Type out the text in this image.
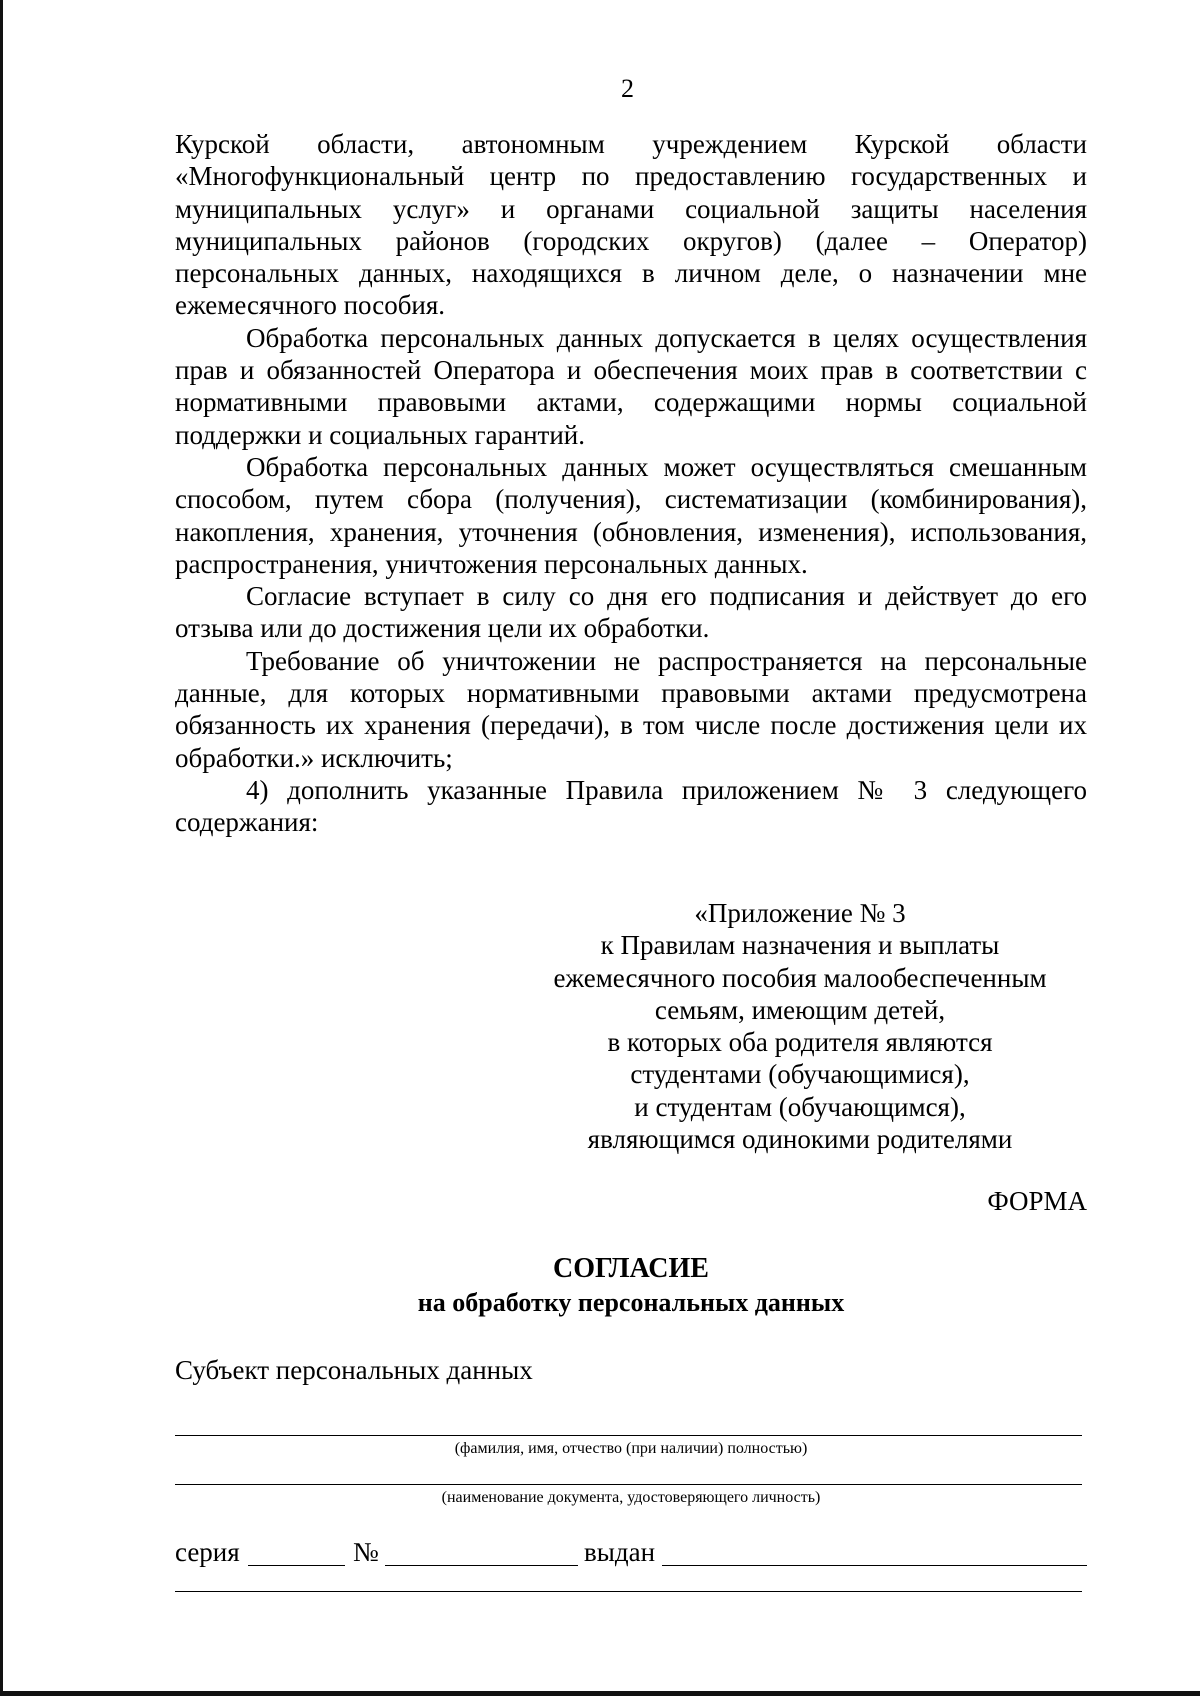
2

Курской области, автономным учреждением Курской области «Многофункциональный центр по предоставлению государственных и муниципальных услуг» и органами социальной защиты населения муниципальных районов (городских округов) (далее – Оператор) персональных данных, находящихся в личном деле, о назначении мне ежемесячного пособия.

Обработка персональных данных допускается в целях осуществления прав и обязанностей Оператора и обеспечения моих прав в соответствии с нормативными правовыми актами, содержащими нормы социальной поддержки и социальных гарантий.

Обработка персональных данных может осуществляться смешанным способом, путем сбора (получения), систематизации (комбинирования), накопления, хранения, уточнения (обновления, изменения), использования, распространения, уничтожения персональных данных.

Согласие вступает в силу со дня его подписания и действует до его отзыва или до достижения цели их обработки.

Требование об уничтожении не распространяется на персональные данные, для которых нормативными правовыми актами предусмотрена обязанность их хранения (передачи), в том числе после достижения цели их обработки.» исключить;

4) дополнить указанные Правила приложением № 3 следующего содержания:

«Приложение № 3
к Правилам назначения и выплаты
ежемесячного пособия малообеспеченным
семьям, имеющим детей,
в которых оба родителя являются
студентами (обучающимися),
и студентам (обучающимся),
являющимся одинокими родителями
ФОРМА
СОГЛАСИЕ
на обработку персональных данных
Субъект персональных данных
(фамилия, имя, отчество (при наличии) полностью)
(наименование документа, удостоверяющего личность)
серия	№	выдан
